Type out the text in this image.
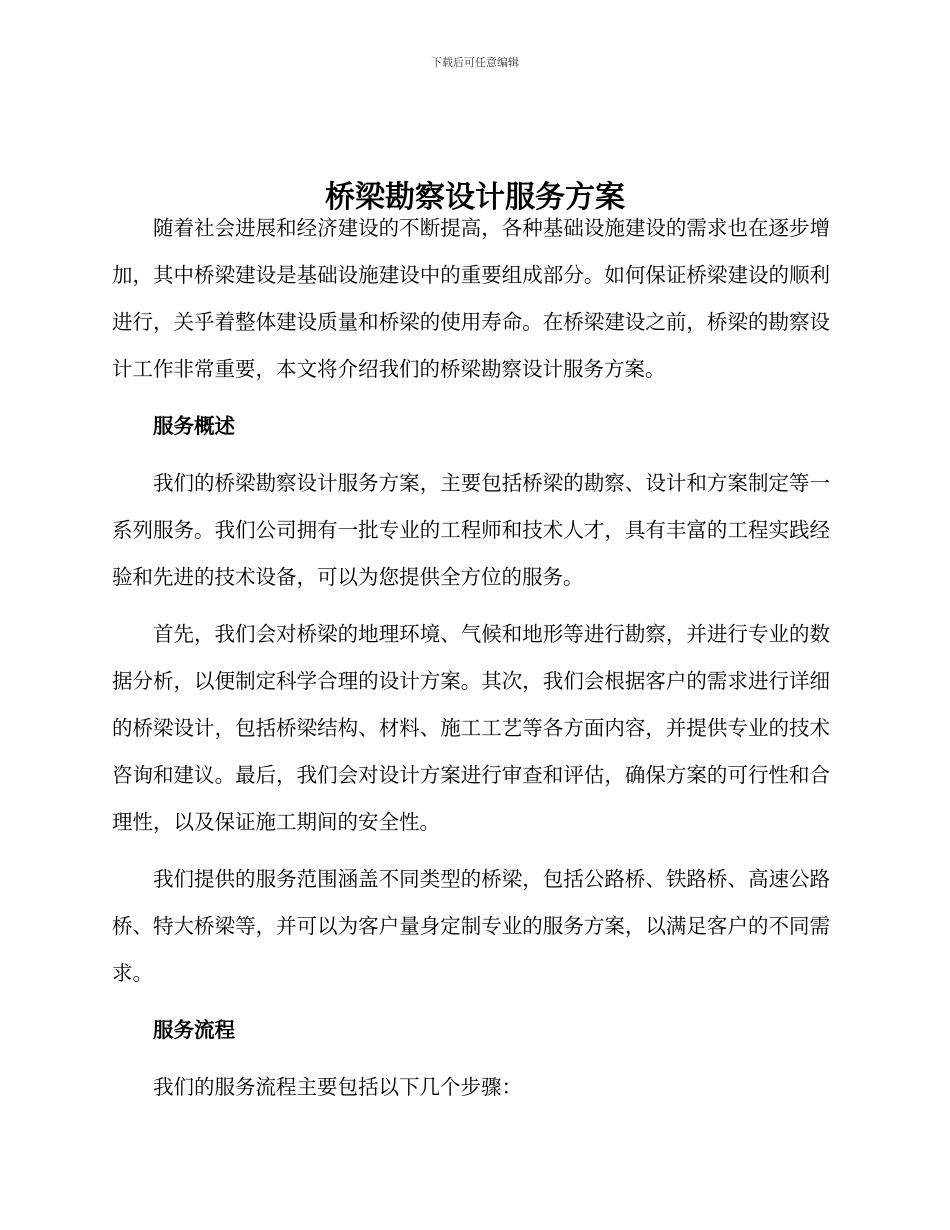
下载后可任意编辑
桥梁勘察设计服务方案

随着社会进展和经济建设的不断提高，各种基础设施建设的需求也在逐步增加，其中桥梁建设是基础设施建设中的重要组成部分。如何保证桥梁建设的顺利进行，关乎着整体建设质量和桥梁的使用寿命。在桥梁建设之前，桥梁的勘察设计工作非常重要，本文将介绍我们的桥梁勘察设计服务方案。

服务概述

我们的桥梁勘察设计服务方案，主要包括桥梁的勘察、设计和方案制定等一系列服务。我们公司拥有一批专业的工程师和技术人才，具有丰富的工程实践经验和先进的技术设备，可以为您提供全方位的服务。

首先，我们会对桥梁的地理环境、气候和地形等进行勘察，并进行专业的数据分析，以便制定科学合理的设计方案。其次，我们会根据客户的需求进行详细的桥梁设计，包括桥梁结构、材料、施工工艺等各方面内容，并提供专业的技术咨询和建议。最后，我们会对设计方案进行审查和评估，确保方案的可行性和合理性，以及保证施工期间的安全性。

我们提供的服务范围涵盖不同类型的桥梁，包括公路桥、铁路桥、高速公路桥、特大桥梁等，并可以为客户量身定制专业的服务方案，以满足客户的不同需求。

服务流程

我们的服务流程主要包括以下几个步骤：
